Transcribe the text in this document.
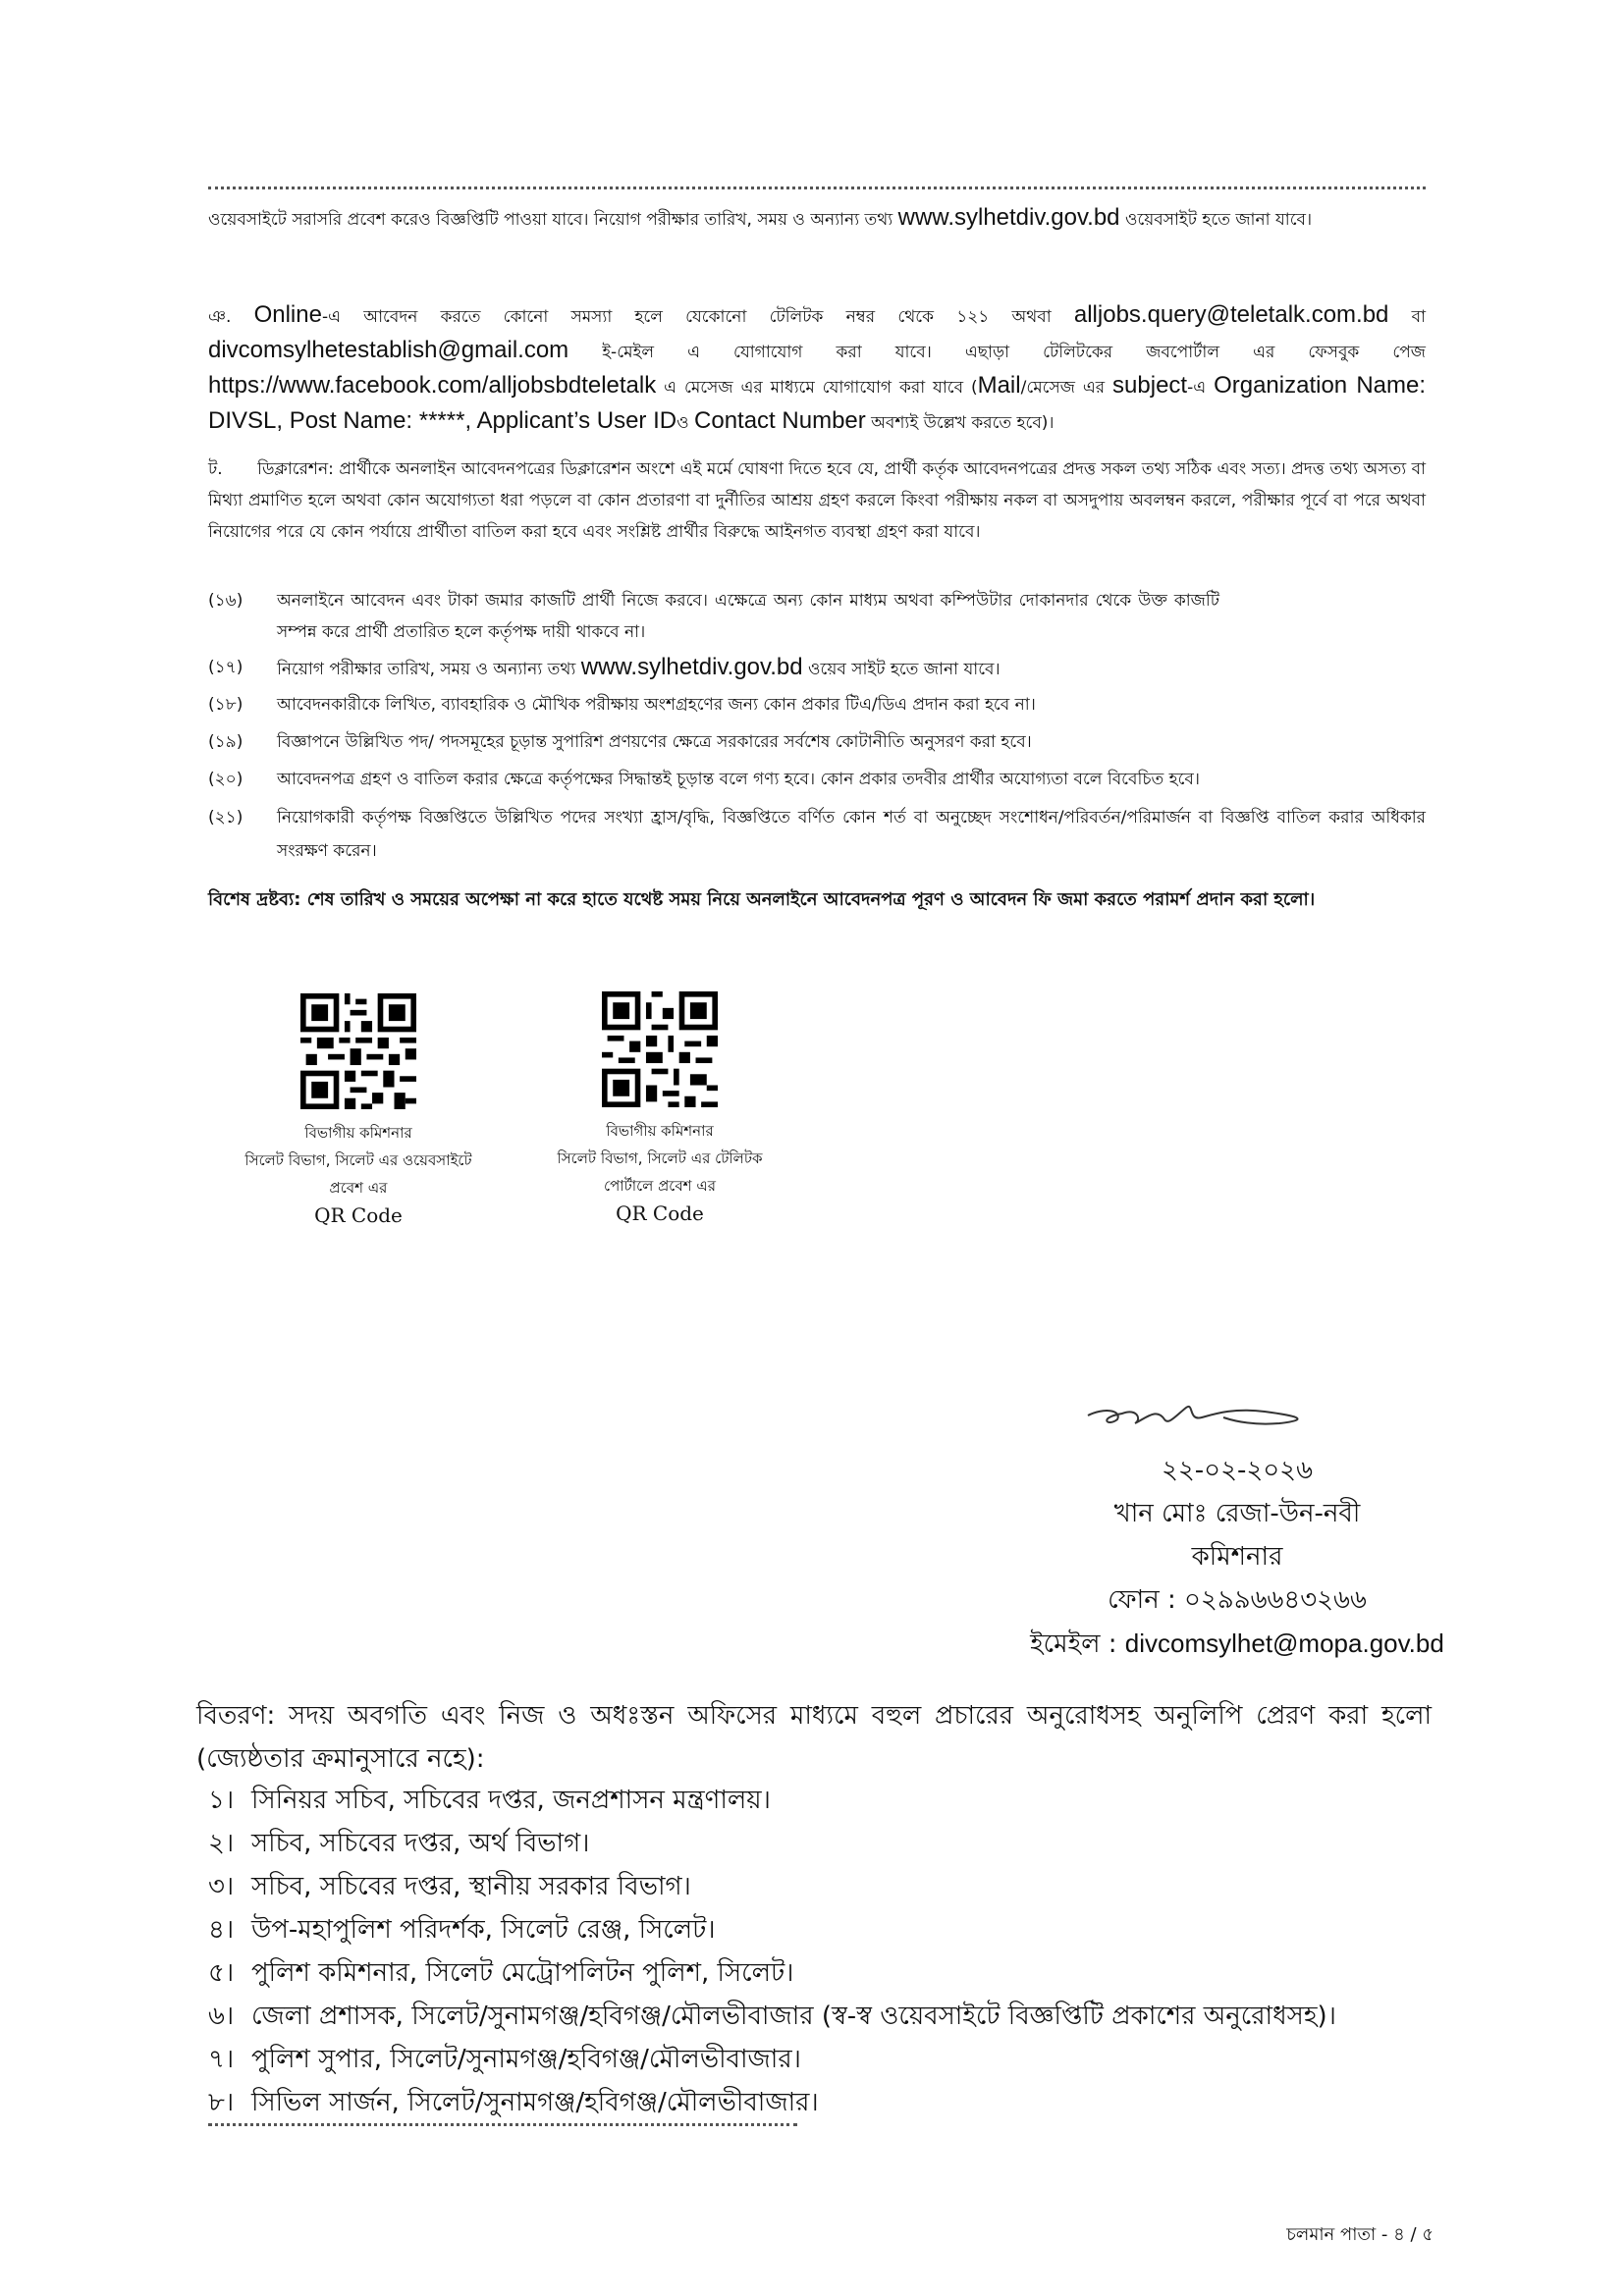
ওয়েবসাইটে সরাসরি প্রবেশ করেও বিজ্ঞপ্তিটি পাওয়া যাবে। নিয়োগ পরীক্ষার তারিখ, সময় ও অন্যান্য তথ্য www.sylhetdiv.gov.bd ওয়েবসাইট হতে জানা যাবে।
ঞ. Online-এ আবেদন করতে কোনো সমস্যা হলে যেকোনো টেলিটক নম্বর থেকে ১২১ অথবা alljobs.query@teletalk.com.bd বা divcomsylhetestablish@gmail.com ই-মেইল এ যোগাযোগ করা যাবে। এছাড়া টেলিটকের জবপোর্টাল এর ফেসবুক পেজ https://www.facebook.com/alljobsbdteletalk এ মেসেজ এর মাধ্যমে যোগাযোগ করা যাবে (Mail/মেসেজ এর subject-এ Organization Name: DIVSL, Post Name: *****, Applicant’s User IDও Contact Number অবশ্যই উল্লেখ করতে হবে)।
ট. ডিক্লারেশন: প্রার্থীকে অনলাইন আবেদনপত্রের ডিক্লারেশন অংশে এই মর্মে ঘোষণা দিতে হবে যে, প্রার্থী কর্তৃক আবেদনপত্রের প্রদত্ত সকল তথ্য সঠিক এবং সত্য। প্রদত্ত তথ্য অসত্য বা মিথ্যা প্রমাণিত হলে অথবা কোন অযোগ্যতা ধরা পড়লে বা কোন প্রতারণা বা দুর্নীতির আশ্রয় গ্রহণ করলে কিংবা পরীক্ষায় নকল বা অসদুপায় অবলম্বন করলে, পরীক্ষার পূর্বে বা পরে অথবা নিয়োগের পরে যে কোন পর্যায়ে প্রার্থীতা বাতিল করা হবে এবং সংশ্লিষ্ট প্রার্থীর বিরুদ্ধে আইনগত ব্যবস্থা গ্রহণ করা যাবে।
(১৬)	অনলাইনে আবেদন এবং টাকা জমার কাজটি প্রার্থী নিজে করবে। এক্ষেত্রে অন্য কোন মাধ্যম অথবা কম্পিউটার দোকানদার থেকে উক্ত কাজটি সম্পন্ন করে প্রার্থী প্রতারিত হলে কর্তৃপক্ষ দায়ী থাকবে না।
(১৭)	নিয়োগ পরীক্ষার তারিখ, সময় ও অন্যান্য তথ্য www.sylhetdiv.gov.bd ওয়েব সাইট হতে জানা যাবে।
(১৮)	আবেদনকারীকে লিখিত, ব্যাবহারিক ও মৌখিক পরীক্ষায় অংশগ্রহণের জন্য কোন প্রকার টিএ/ডিএ প্রদান করা হবে না।
(১৯)	বিজ্ঞাপনে উল্লিখিত পদ/ পদসমূহের চূড়ান্ত সুপারিশ প্রণয়ণের ক্ষেত্রে সরকারের সর্বশেষ কোটানীতি অনুসরণ করা হবে।
(২০)	আবেদনপত্র গ্রহণ ও বাতিল করার ক্ষেত্রে কর্তৃপক্ষের সিদ্ধান্তই চূড়ান্ত বলে গণ্য হবে। কোন প্রকার তদবীর প্রার্থীর অযোগ্যতা বলে বিবেচিত হবে।
(২১)	নিয়োগকারী কর্তৃপক্ষ বিজ্ঞপ্তিতে উল্লিখিত পদের সংখ্যা হ্রাস/বৃদ্ধি, বিজ্ঞপ্তিতে বর্ণিত কোন শর্ত বা অনুচ্ছেদ সংশোধন/পরিবর্তন/পরিমার্জন বা বিজ্ঞপ্তি বাতিল করার অধিকার সংরক্ষণ করেন।
বিশেষ দ্রষ্টব্য: শেষ তারিখ ও সময়ের অপেক্ষা না করে হাতে যথেষ্ট সময় নিয়ে অনলাইনে আবেদনপত্র পূরণ ও আবেদন ফি জমা করতে পরামর্শ প্রদান করা হলো।
বিভাগীয় কমিশনার
সিলেট বিভাগ, সিলেট এর ওয়েবসাইটে
প্রবেশ এর
QR Code
বিভাগীয় কমিশনার
সিলেট বিভাগ, সিলেট এর টেলিটক
পোর্টালে প্রবেশ এর
QR Code
২২-০২-২০২৬
খান মোঃ রেজা-উন-নবী
কমিশনার
ফোন : ০২৯৯৬৬৪৩২৬৬
ইমেইল : divcomsylhet@mopa.gov.bd
বিতরণ: সদয় অবগতি এবং নিজ ও অধঃস্তন অফিসের মাধ্যমে বহুল প্রচারের অনুরোধসহ অনুলিপি প্রেরণ করা হলো (জ্যেষ্ঠতার ক্রমানুসারে নহে):
১। সিনিয়র সচিব, সচিবের দপ্তর, জনপ্রশাসন মন্ত্রণালয়।
২। সচিব, সচিবের দপ্তর, অর্থ বিভাগ।
৩। সচিব, সচিবের দপ্তর, স্থানীয় সরকার বিভাগ।
৪। উপ-মহাপুলিশ পরিদর্শক, সিলেট রেঞ্জ, সিলেট।
৫। পুলিশ কমিশনার, সিলেট মেট্রোপলিটন পুলিশ, সিলেট।
৬। জেলা প্রশাসক, সিলেট/সুনামগঞ্জ/হবিগঞ্জ/মৌলভীবাজার (স্ব-স্ব ওয়েবসাইটে বিজ্ঞপ্তিটি প্রকাশের অনুরোধসহ)।
৭। পুলিশ সুপার, সিলেট/সুনামগঞ্জ/হবিগঞ্জ/মৌলভীবাজার।
৮। সিভিল সার্জন, সিলেট/সুনামগঞ্জ/হবিগঞ্জ/মৌলভীবাজার।
চলমান পাতা - ৪ / ৫
